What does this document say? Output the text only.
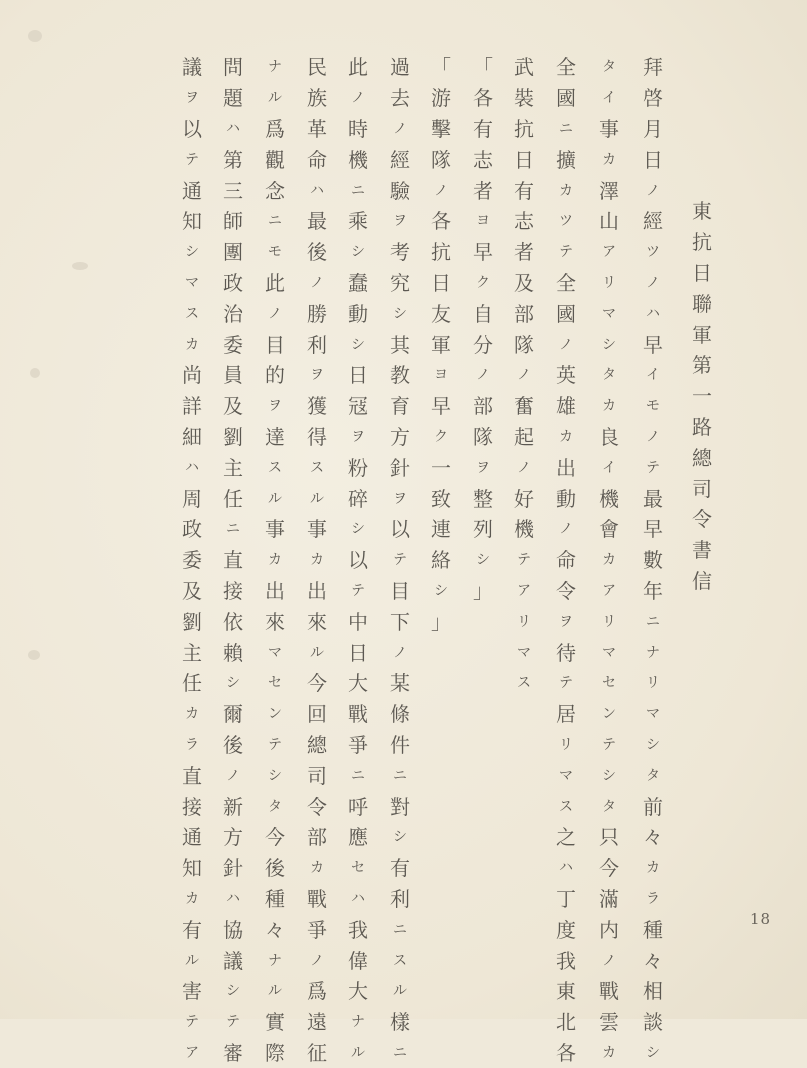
東
抗
日
聯
軍
第
一
路
總
司
令
書
信
拜
啓
月
日
ノ
經
ツ
ノ
ハ
早
イ
モ
ノ
テ
最
早
數
年
ニ
ナ
リ
マ
シ
タ
前
々
カ
ラ
種
々
相
談
シ
タ
イ
事
カ
澤
山
ア
リ
マ
シ
タ
カ
良
イ
機
會
カ
ア
リ
マ
セ
ン
テ
シ
タ
只
今
滿
内
ノ
戰
雲
カ
全
國
ニ
擴
カ
ツ
テ
全
國
ノ
英
雄
カ
出
動
ノ
命
令
ヲ
待
テ
居
リ
マ
ス
之
ハ
丁
度
我
東
北
各
武
裝
抗
日
有
志
者
及
部
隊
ノ
奮
起
ノ
好
機
テ
ア
リ
マ
ス
「
各
有
志
者
ヨ
早
ク
自
分
ノ
部
隊
ヲ
整
列
シ
」
「
游
擊
隊
ノ
各
抗
日
友
軍
ヨ
早
ク
一
致
連
絡
シ
」
過
去
ノ
經
驗
ヲ
考
究
シ
其
教
育
方
針
ヲ
以
テ
目
下
ノ
某
條
件
ニ
對
シ
有
利
ニ
ス
ル
樣
ニ
此
ノ
時
機
ニ
乘
シ
蠢
動
シ
日
冦
ヲ
粉
碎
シ
以
テ
中
日
大
戰
爭
ニ
呼
應
セ
ハ
我
偉
大
ナ
ル
民
族
革
命
ハ
最
後
ノ
勝
利
ヲ
獲
得
ス
ル
事
カ
出
來
ル
今
回
總
司
令
部
カ
戰
爭
ノ
爲
遠
征
ナ
ル
爲
觀
念
ニ
モ
此
ノ
目
的
ヲ
達
ス
ル
事
カ
出
來
マ
セ
ン
テ
シ
タ
今
後
種
々
ナ
ル
實
際
問
題
ハ
第
三
師
團
政
治
委
員
及
劉
主
任
ニ
直
接
依
賴
シ
爾
後
ノ
新
方
針
ハ
協
議
シ
テ
審
議
ヲ
以
テ
通
知
シ
マ
ス
カ
尚
詳
細
ハ
周
政
委
及
劉
主
任
カ
ラ
直
接
通
知
カ
有
ル
害
テ
ア
18
